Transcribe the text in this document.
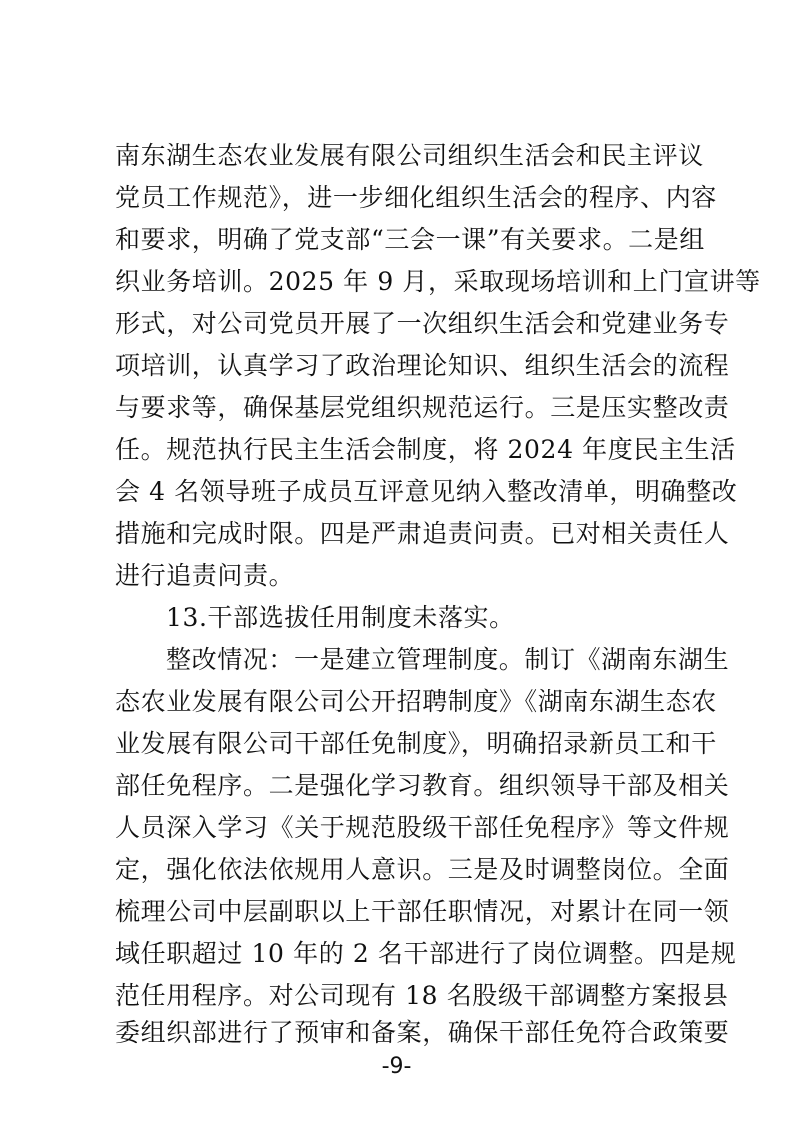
南东湖生态农业发展有限公司组织生活会和民主评议
党员工作规范》，进一步细化组织生活会的程序、内容
和要求，明确了党支部“三会一课”有关要求。二是组
织业务培训。2025 年 9 月，采取现场培训和上门宣讲等
形式，对公司党员开展了一次组织生活会和党建业务专
项培训，认真学习了政治理论知识、组织生活会的流程
与要求等，确保基层党组织规范运行。三是压实整改责
任。规范执行民主生活会制度，将 2024 年度民主生活
会 4 名领导班子成员互评意见纳入整改清单，明确整改
措施和完成时限。四是严肃追责问责。已对相关责任人
进行追责问责。
13.干部选拔任用制度未落实。
整改情况：一是建立管理制度。制订《湖南东湖生
态农业发展有限公司公开招聘制度》《湖南东湖生态农
业发展有限公司干部任免制度》，明确招录新员工和干
部任免程序。二是强化学习教育。组织领导干部及相关
人员深入学习《关于规范股级干部任免程序》等文件规
定，强化依法依规用人意识。三是及时调整岗位。全面
梳理公司中层副职以上干部任职情况，对累计在同一领
域任职超过 10 年的 2 名干部进行了岗位调整。四是规
范任用程序。对公司现有 18 名股级干部调整方案报县
委组织部进行了预审和备案，确保干部任免符合政策要
-9-
